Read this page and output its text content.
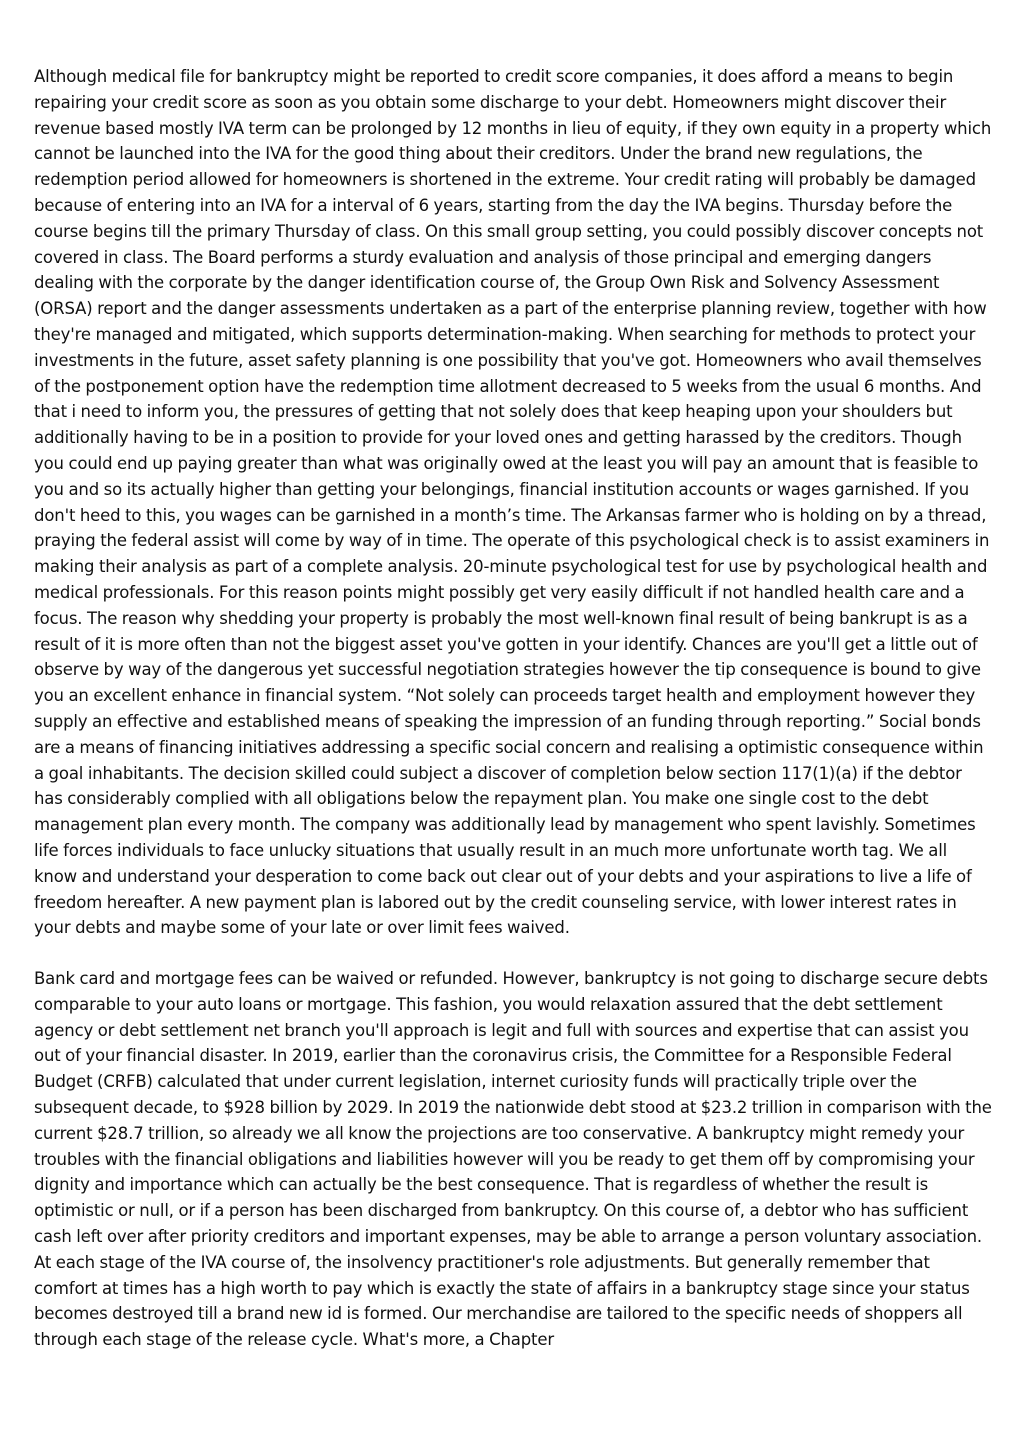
Although medical file for bankruptcy might be reported to credit score companies, it does afford a means to begin repairing your credit score as soon as you obtain some discharge to your debt. Homeowners might discover their revenue based mostly IVA term can be prolonged by 12 months in lieu of equity, if they own equity in a property which cannot be launched into the IVA for the good thing about their creditors. Under the brand new regulations, the redemption period allowed for homeowners is shortened in the extreme. Your credit rating will probably be damaged because of entering into an IVA for a interval of 6 years, starting from the day the IVA begins. Thursday before the course begins till the primary Thursday of class. On this small group setting, you could possibly discover concepts not covered in class. The Board performs a sturdy evaluation and analysis of those principal and emerging dangers dealing with the corporate by the danger identification course of, the Group Own Risk and Solvency Assessment (ORSA) report and the danger assessments undertaken as a part of the enterprise planning review, together with how they're managed and mitigated, which supports determination-making. When searching for methods to protect your investments in the future, asset safety planning is one possibility that you've got. Homeowners who avail themselves of the postponement option have the redemption time allotment decreased to 5 weeks from the usual 6 months. And that i need to inform you, the pressures of getting that not solely does that keep heaping upon your shoulders but additionally having to be in a position to provide for your loved ones and getting harassed by the creditors. Though you could end up paying greater than what was originally owed at the least you will pay an amount that is feasible to you and so its actually higher than getting your belongings, financial institution accounts or wages garnished. If you don't heed to this, you wages can be garnished in a month’s time. The Arkansas farmer who is holding on by a thread, praying the federal assist will come by way of in time. The operate of this psychological check is to assist examiners in making their analysis as part of a complete analysis. 20-minute psychological test for use by psychological health and medical professionals. For this reason points might possibly get very easily difficult if not handled health care and a focus. The reason why shedding your property is probably the most well-known final result of being bankrupt is as a result of it is more often than not the biggest asset you've gotten in your identify. Chances are you'll get a little out of observe by way of the dangerous yet successful negotiation strategies however the tip consequence is bound to give you an excellent enhance in financial system. “Not solely can proceeds target health and employment however they supply an effective and established means of speaking the impression of an funding through reporting.” Social bonds are a means of financing initiatives addressing a specific social concern and realising a optimistic consequence within a goal inhabitants. The decision skilled could subject a discover of completion below section 117(1)(a) if the debtor has considerably complied with all obligations below the repayment plan. You make one single cost to the debt management plan every month. The company was additionally lead by management who spent lavishly. Sometimes life forces individuals to face unlucky situations that usually result in an much more unfortunate worth tag. We all know and understand your desperation to come back out clear out of your debts and your aspirations to live a life of freedom hereafter. A new payment plan is labored out by the credit counseling service, with lower interest rates in your debts and maybe some of your late or over limit fees waived.

Bank card and mortgage fees can be waived or refunded. However, bankruptcy is not going to discharge secure debts comparable to your auto loans or mortgage. This fashion, you would relaxation assured that the debt settlement agency or debt settlement net branch you'll approach is legit and full with sources and expertise that can assist you out of your financial disaster. In 2019, earlier than the coronavirus crisis, the Committee for a Responsible Federal Budget (CRFB) calculated that under current legislation, internet curiosity funds will practically triple over the subsequent decade, to $928 billion by 2029. In 2019 the nationwide debt stood at $23.2 trillion in comparison with the current $28.7 trillion, so already we all know the projections are too conservative. A bankruptcy might remedy your troubles with the financial obligations and liabilities however will you be ready to get them off by compromising your dignity and importance which can actually be the best consequence. That is regardless of whether the result is optimistic or null, or if a person has been discharged from bankruptcy. On this course of, a debtor who has sufficient cash left over after priority creditors and important expenses, may be able to arrange a person voluntary association. At each stage of the IVA course of, the insolvency practitioner's role adjustments. But generally remember that comfort at times has a high worth to pay which is exactly the state of affairs in a bankruptcy stage since your status becomes destroyed till a brand new id is formed. Our merchandise are tailored to the specific needs of shoppers all through each stage of the release cycle. What's more, a Chapter
